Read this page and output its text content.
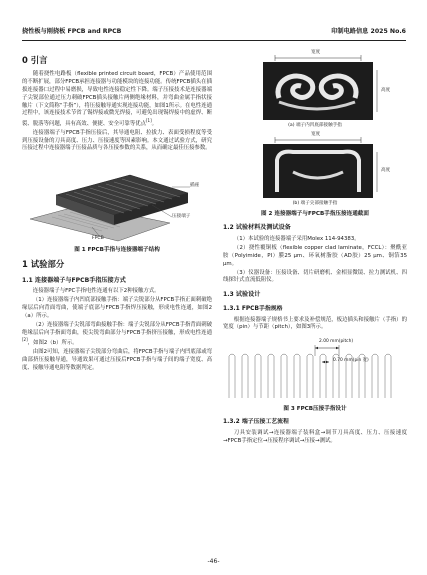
挠性板与刚挠板 FPCB and RPCB	印制电路信息 2025 No.6
0 引言

随着挠性电路板（flexible printed circuit board，FPCB）产品使用范围的不断扩展，部分FPCB承担连接器与功能模块的连接功能。传统FPCB插头在插拔连接器口过程中易磨损，导致电性连接稳定性下降。端子压接技术是连接器端子尖锐部位通过压力刺破FPCB插头接触片两侧绝缘材料，并弯曲金属手指状接触片（下文简称“手指”），将压接触导通实现连接功能，如图1所示。在电性连通过程中，该连接技术节省了锡焊接或微光焊接，可避免出现锡焊接中的虚焊、断裂、脱落等问题，具有高效、便捷、安全可靠等优点[1]。

连接器端子与FPCB手指压接后，其导通电阻、拉拔力、表面受损程度等受到压接设备的刀具高度、压力、压接速度等因素影响。本文通过试验方式，研究压接过程中连接器端子压接品质与各压接参数的关系，从而确定最佳压接参数。

插座
压接端子
FPCB
图 1 FPCB手指与连接器端子结构
1 试验部分
1.1 连接器端子与FPCB手指压接方式

连接器端子与FPC手指电性连通有以下2种接触方式。

（1）连接器端子内凹底部接触手指：端子尖锐部分从FPCB手指正面刺破绝缘层后向背面弯曲，使端子底部与FPCB手指焊压接触，形成电性连通，如图2（a）所示。

（2）连接器端子尖锐部弯曲接触手指：端子尖锐部分从FPCB手指背面刺破绝缘层后向手指面弯曲，使尖锐弯曲部分与FPCB手指挤压接触，形成电性连通[2]，如图2（b）所示。

由图2可知，连接器端子尖锐部分弯曲后，将FPCB手指与端子内凹底部或弯曲部挤压接触导通，导通效果可通过压接后FPCB手指与端子间的端子宽度、高度、接触导通电阻等数据判定。

宽度
高度
(a) 端子内凹底部接触手指
宽度
高度
(b) 端子尖部接触手指
图 2 连接器端子与FPCB手指压接连通截面
1.2 试验材料及测试设备

（1）本试验的连接器端子采用Molex 114-94383。

（2）挠性覆铜板（flexible copper clad laminate，FCCL）：聚酰亚胺（Polyimide，PI）膜25 μm、环氧树脂胶（AD胶）25 μm、铜箔35 μm。

（3）仪器设备：压接设备、切片研磨机、金相显微镜、拉力测试机、四线探针式直流低阻仪。

1.3 试验设计
1.3.1 FPCB手指规格

根据连接器端子规格书上要求及补偿规范，板边插头和接触片（手指）的宽度（pin）与节距（pitch），如图3所示。

2.00 mm(pitch)
0.70 mm(pin 宽)
图 3 FPCB压接手指设计
1.3.2 端子压接工艺流程

刀具安装调试→连接器端子装料盒→调节刀具高度、压力、压接速度→FPCB手指定位→压接程序调试→压接→测试。

-46-
